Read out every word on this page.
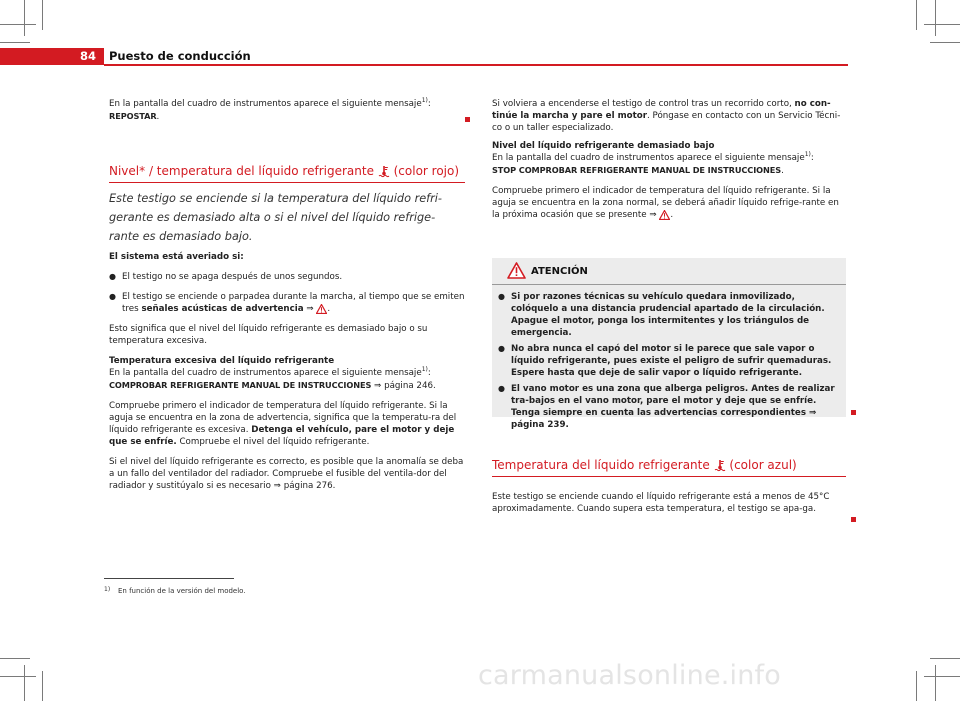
84 Puesto de conducción

En la pantalla del cuadro de instrumentos aparece el siguiente mensaje$^{1)}$:
REPOSTAR.

Nivel* / temperatura del líquido refrigerante (color rojo)
Este testigo se enciende si la temperatura del líquido refri-
gerante es demasiado alta o si el nivel del líquido refrige-
rante es demasiado bajo.

El sistema está averiado si:

● El testigo no se apaga después de unos segundos.

● El testigo se enciende o parpadea durante la marcha, al tiempo que se emiten tres señales acústicas de advertencia ⇒ .

Esto significa que el nivel del líquido refrigerante es demasiado bajo o su temperatura excesiva.

Temperatura excesiva del líquido refrigerante

En la pantalla del cuadro de instrumentos aparece el siguiente mensaje$^{1)}$:
COMPROBAR REFRIGERANTE MANUAL DE INSTRUCCIONES ⇒ página 246.

Compruebe primero el indicador de temperatura del líquido refrigerante. Si la aguja se encuentra en la zona de advertencia, significa que la temperatu-ra del líquido refrigerante es excesiva. Detenga el vehículo, pare el motor y deje que se enfríe. Compruebe el nivel del líquido refrigerante.

Si el nivel del líquido refrigerante es correcto, es posible que la anomalía se deba a un fallo del ventilador del radiador. Compruebe el fusible del ventila-dor del radiador y sustitúyalo si es necesario ⇒ página 276.

Si volviera a encenderse el testigo de control tras un recorrido corto, no con-tinúe la marcha y pare el motor. Póngase en contacto con un Servicio Técni-co o un taller especializado.

Nivel del líquido refrigerante demasiado bajo

En la pantalla del cuadro de instrumentos aparece el siguiente mensaje$^{1)}$:
STOP COMPROBAR REFRIGERANTE MANUAL DE INSTRUCCIONES.

Compruebe primero el indicador de temperatura del líquido refrigerante. Si la aguja se encuentra en la zona normal, se deberá añadir líquido refrige-rante en la próxima ocasión que se presente ⇒ .

ATENCIÓN

● Si por razones técnicas su vehículo quedara inmovilizado, colóquelo a una distancia prudencial apartado de la circulación. Apague el motor, ponga los intermitentes y los triángulos de emergencia.

● No abra nunca el capó del motor si le parece que sale vapor o líquido refrigerante, pues existe el peligro de sufrir quemaduras. Espere hasta que deje de salir vapor o líquido refrigerante.

● El vano motor es una zona que alberga peligros. Antes de realizar tra-bajos en el vano motor, pare el motor y deje que se enfríe. Tenga siempre en cuenta las advertencias correspondientes ⇒ página 239.

Temperatura del líquido refrigerante (color azul)

Este testigo se enciende cuando el líquido refrigerante está a menos de 45°C aproximadamente. Cuando supera esta temperatura, el testigo se apa-ga.

1) En función de la versión del modelo.
carmanualsonline.info
